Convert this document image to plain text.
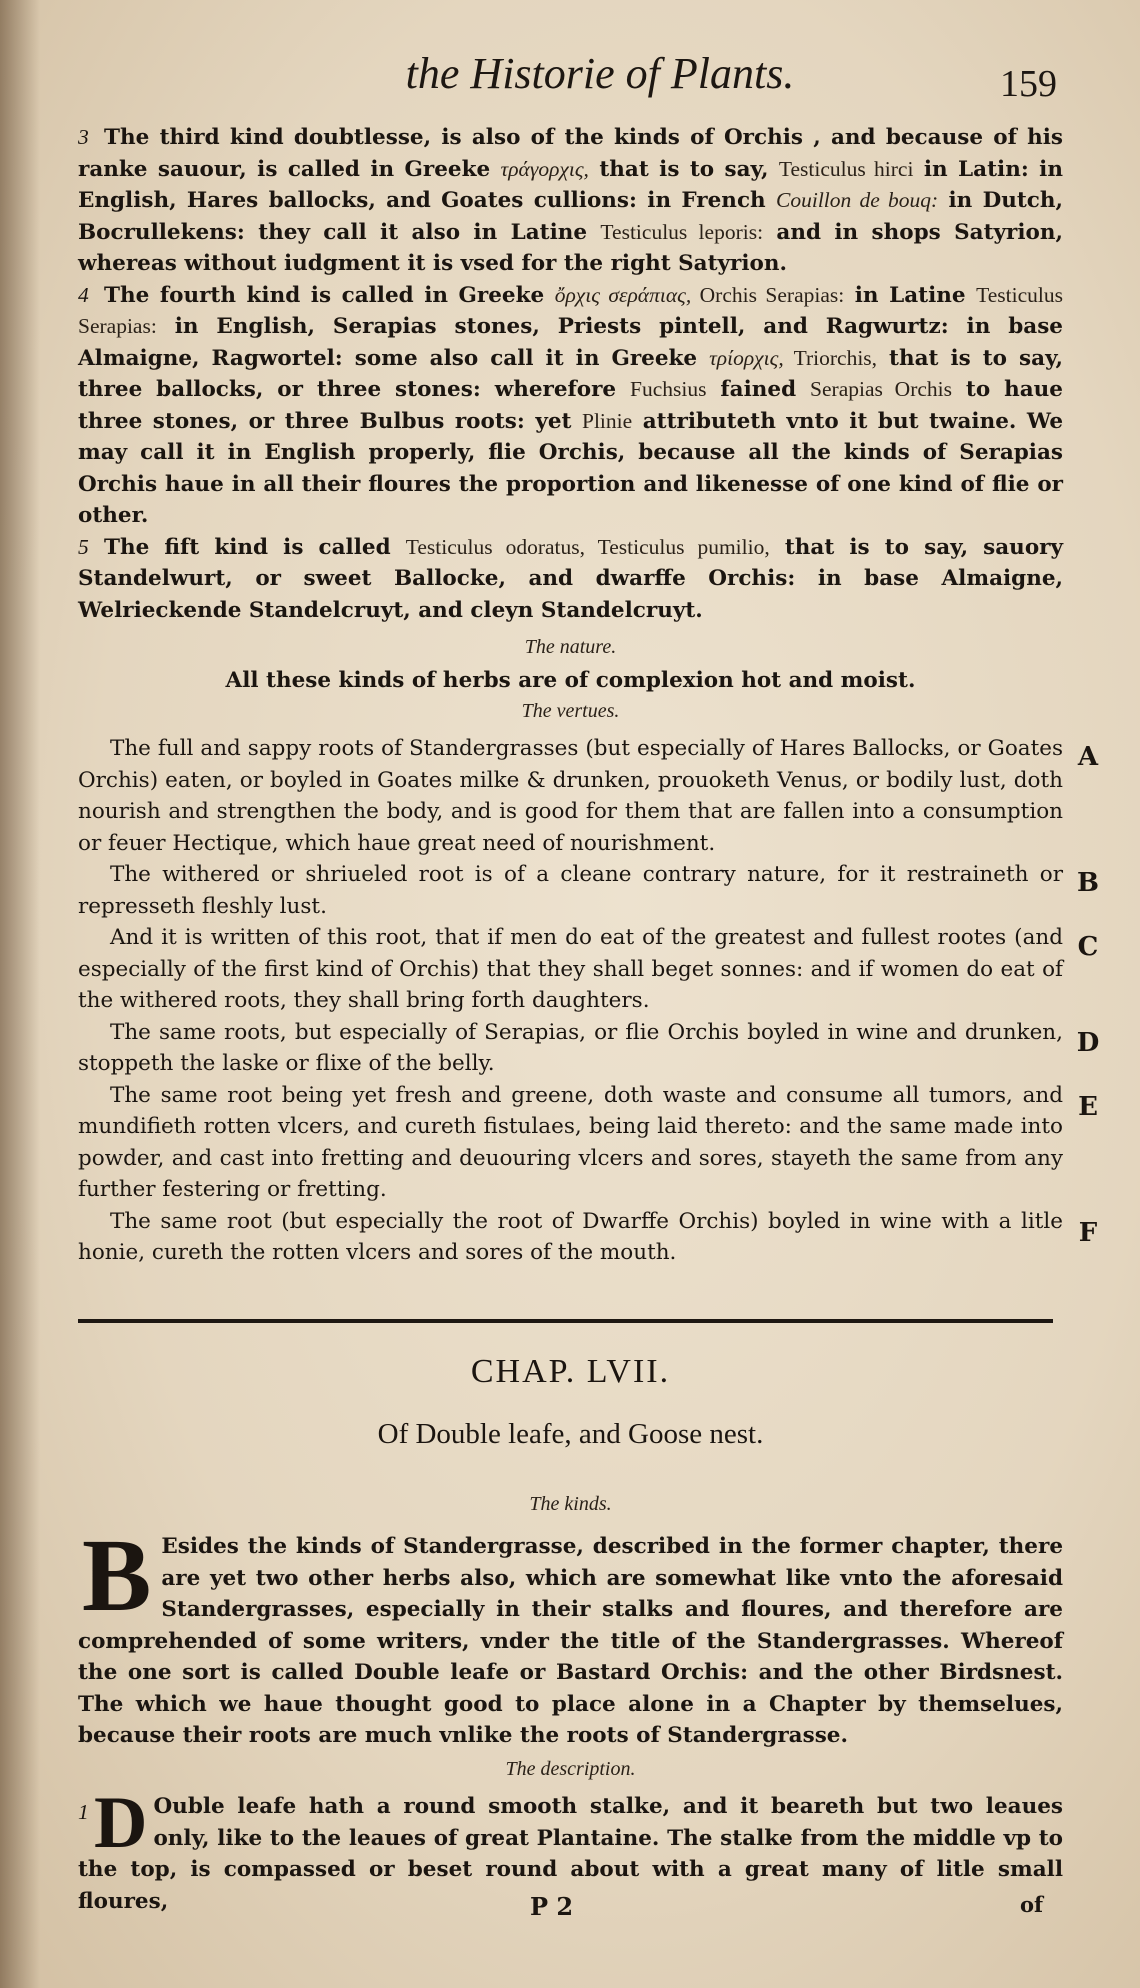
the Historie of Plants.	159

3The third kind doubtlesse, is also of the kinds of Orchis , and because of his ranke sauour, is called in Greeke τράγορχις, that is to say, Testiculus hirci in Latin: in English, Hares ballocks, and Goates cullions: in French Couillon de bouq: in Dutch, Bocrullekens: they call it also in Latine Testiculus leporis: and in shops Satyrion, whereas without iudgment it is vsed for the right Satyrion.

4The fourth kind is called in Greeke ὄρχις σεράπιας, Orchis Serapias: in Latine Testiculus Serapias: in English, Serapias stones, Priests pintell, and Ragwurtz: in base Almaigne, Ragwortel: some also call it in Greeke τρίορχις, Triorchis, that is to say, three ballocks, or three stones: wherefore Fuchsius fained Serapias Orchis to haue three stones, or three Bulbus roots: yet Plinie attributeth vnto it but twaine. We may call it in English properly, flie Orchis, because all the kinds of Serapias Orchis haue in all their floures the proportion and likenesse of one kind of flie or other.

5The fift kind is called Testiculus odoratus, Testiculus pumilio, that is to say, sauory Standelwurt, or sweet Ballocke, and dwarffe Orchis: in base Almaigne, Welrieckende Standelcruyt, and cleyn Standelcruyt.

The nature.
All these kinds of herbs are of complexion hot and moist.
The vertues.

The full and sappy roots of Standergrasses (but especially of Hares Ballocks, or Goates Orchis) eaten, or boyled in Goates milke & drunken, prouoketh Venus, or bodily lust, doth nourish and strengthen the body, and is good for them that are fallen into a consumption or feuer Hectique, which haue great need of nourishment.

The withered or shriueled root is of a cleane contrary nature, for it restraineth or represseth fleshly lust.

And it is written of this root, that if men do eat of the greatest and fullest rootes (and especially of the first kind of Orchis) that they shall beget sonnes: and if women do eat of the withered roots, they shall bring forth daughters.

The same roots, but especially of Serapias, or flie Orchis boyled in wine and drunken, stoppeth the laske or flixe of the belly.

The same root being yet fresh and greene, doth waste and consume all tumors, and mundifieth rotten vlcers, and cureth fistulaes, being laid thereto: and the same made into powder, and cast into fretting and deuouring vlcers and sores, stayeth the same from any further festering or fretting.

The same root (but especially the root of Dwarffe Orchis) boyled in wine with a litle honie, cureth the rotten vlcers and sores of the mouth.

A
B
C
D
E
F
CHAP. LVII.
Of Double leafe, and Goose nest.
The kinds.

B Esides the kinds of Standergrasse, described in the former chapter, there are yet two other herbs also, which are somewhat like vnto the aforesaid Standergrasses, especially in their stalks and floures, and therefore are comprehended of some writers, vnder the title of the Standergrasses. Whereof the one sort is called Double leafe or Bastard Orchis: and the other Birdsnest. The which we haue thought good to place alone in a Chapter by themselues, because their roots are much vnlike the roots of Standergrasse.

The description.

1 D Ouble leafe hath a round smooth stalke, and it beareth but two leaues only, like to the leaues of great Plantaine. The stalke from the middle vp to the top, is compassed or beset round about with a great many of litle small floures,	P 2	of
